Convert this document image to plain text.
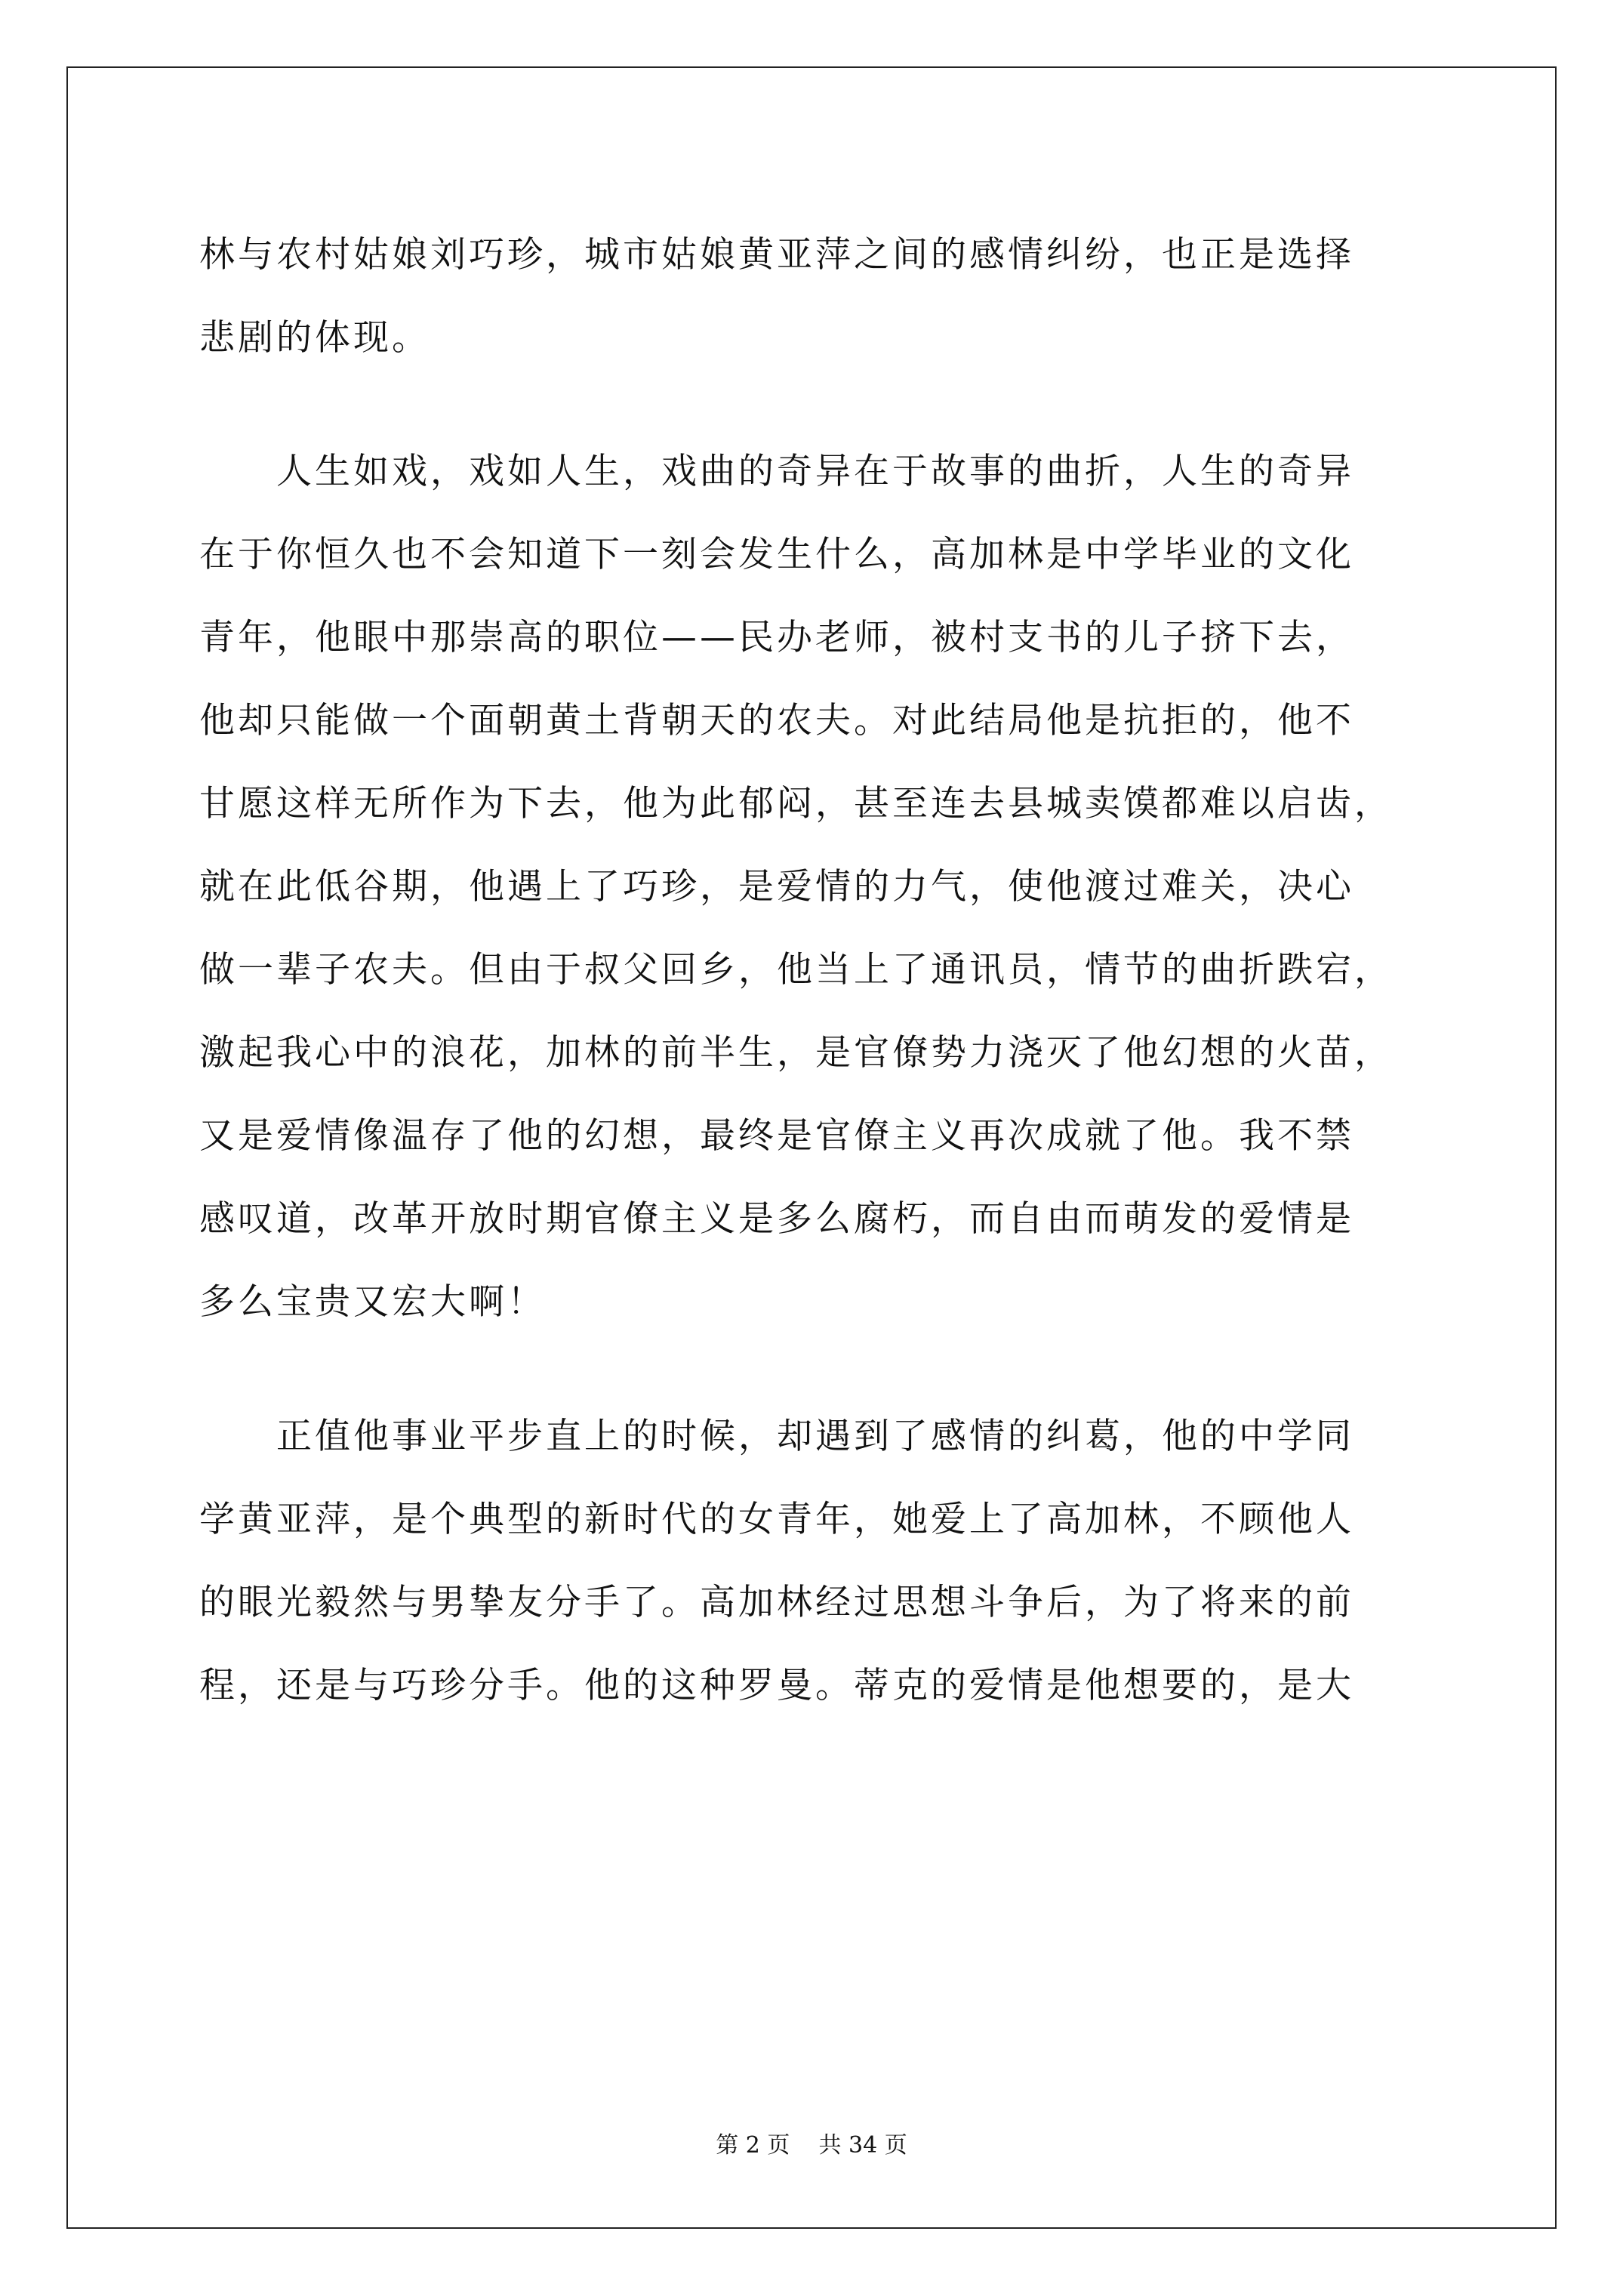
林与农村姑娘刘巧珍，城市姑娘黄亚萍之间的感情纠纷，也正是选择
悲剧的体现。
　　人生如戏，戏如人生，戏曲的奇异在于故事的曲折，人生的奇异
在于你恒久也不会知道下一刻会发生什么，高加林是中学毕业的文化
青年，他眼中那崇高的职位——民办老师，被村支书的儿子挤下去，
他却只能做一个面朝黄土背朝天的农夫。对此结局他是抗拒的，他不
甘愿这样无所作为下去，他为此郁闷，甚至连去县城卖馍都难以启齿，
就在此低谷期，他遇上了巧珍，是爱情的力气，使他渡过难关，决心
做一辈子农夫。但由于叔父回乡，他当上了通讯员，情节的曲折跌宕，
激起我心中的浪花，加林的前半生，是官僚势力浇灭了他幻想的火苗，
又是爱情像温存了他的幻想，最终是官僚主义再次成就了他。我不禁
感叹道，改革开放时期官僚主义是多么腐朽，而自由而萌发的爱情是
多么宝贵又宏大啊！
　　正值他事业平步直上的时候，却遇到了感情的纠葛，他的中学同
学黄亚萍，是个典型的新时代的女青年，她爱上了高加林，不顾他人
的眼光毅然与男挚友分手了。高加林经过思想斗争后，为了将来的前
程，还是与巧珍分手。他的这种罗曼。蒂克的爱情是他想要的，是大
第 2 页    共 34 页
